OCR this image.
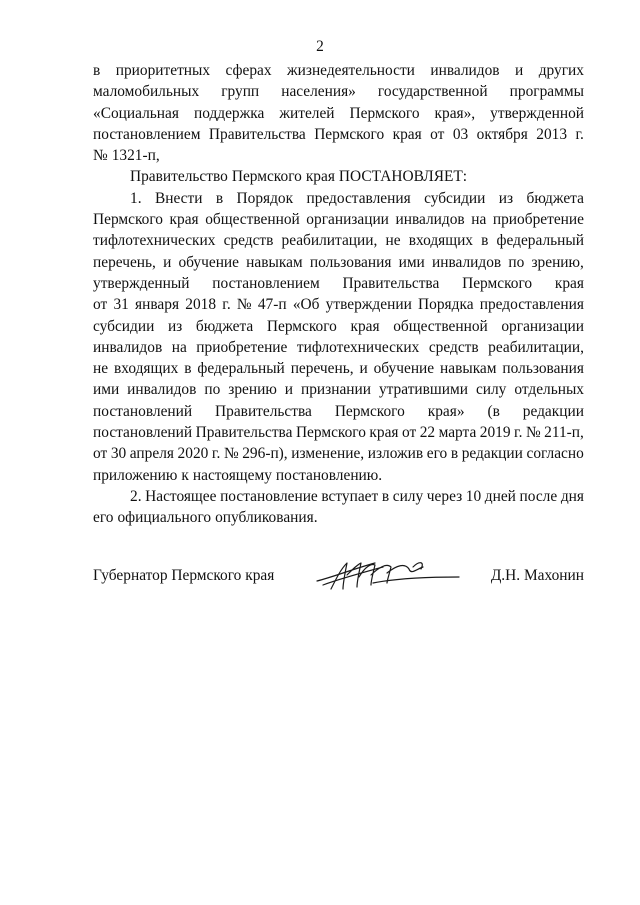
2
в приоритетных сферах жизнедеятельности инвалидов и других
маломобильных групп населения» государственной программы
«Социальная поддержка жителей Пермского края», утвержденной
постановлением Правительства Пермского края от 03 октября 2013 г.
№ 1321-п,
Правительство Пермского края ПОСТАНОВЛЯЕТ:
1. Внести в Порядок предоставления субсидии из бюджета
Пермского края общественной организации инвалидов на приобретение
тифлотехнических средств реабилитации, не входящих в федеральный
перечень, и обучение навыкам пользования ими инвалидов по зрению,
утвержденный постановлением Правительства Пермского края
от 31 января 2018 г. № 47-п «Об утверждении Порядка предоставления
субсидии из бюджета Пермского края общественной организации
инвалидов на приобретение тифлотехнических средств реабилитации,
не входящих в федеральный перечень, и обучение навыкам пользования
ими инвалидов по зрению и признании утратившими силу отдельных
постановлений Правительства Пермского края» (в редакции
постановлений Правительства Пермского края от 22 марта 2019 г. № 211-п,
от 30 апреля 2020 г. № 296-п), изменение, изложив его в редакции согласно
приложению к настоящему постановлению.
2. Настоящее постановление вступает в силу через 10 дней после дня
его официального опубликования.
Губернатор Пермского края	Д.Н. Махонин
